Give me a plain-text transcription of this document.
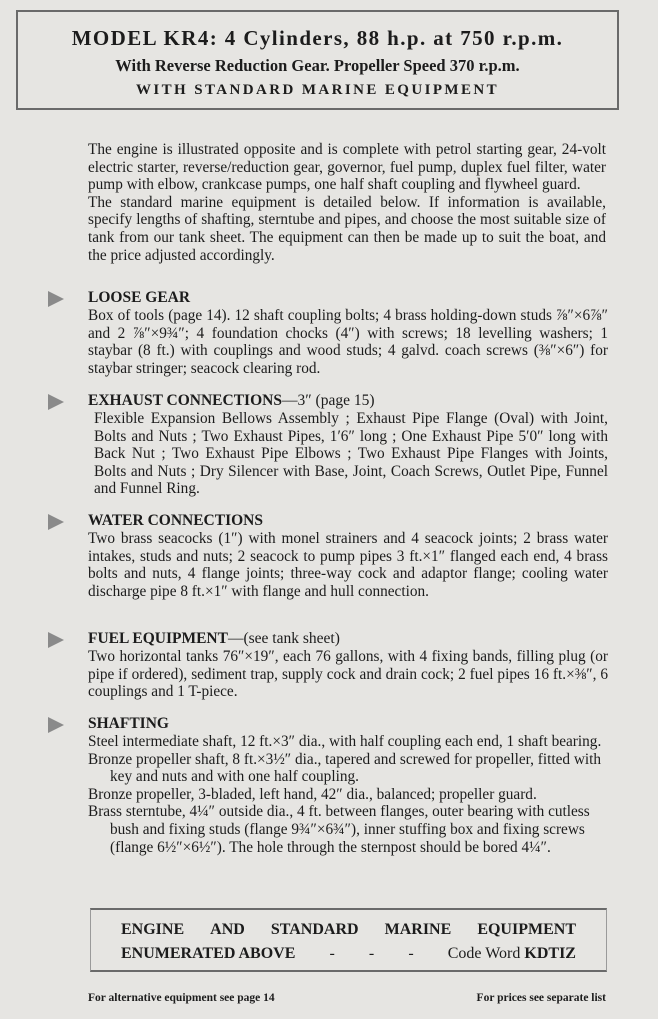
MODEL KR4: 4 Cylinders, 88 h.p. at 750 r.p.m.
With Reverse Reduction Gear. Propeller Speed 370 r.p.m.
WITH STANDARD MARINE EQUIPMENT

The engine is illustrated opposite and is complete with petrol starting gear, 24-volt electric starter, reverse/reduction gear, governor, fuel pump, duplex fuel filter, water pump with elbow, crankcase pumps, one half shaft coupling and flywheel guard.

The standard marine equipment is detailed below. If information is available, specify lengths of shafting, sterntube and pipes, and choose the most suitable size of tank from our tank sheet. The equipment can then be made up to suit the boat, and the price adjusted accordingly.

LOOSE GEAR
Box of tools (page 14). 12 shaft coupling bolts; 4 brass holding-down studs ⅞″×6⅞″ and 2 ⅞″×9¾″; 4 foundation chocks (4″) with screws; 18 levelling washers; 1 staybar (8 ft.) with couplings and wood studs; 4 galvd. coach screws (⅜″×6″) for staybar stringer; seacock clearing rod.
EXHAUST CONNECTIONS—3″ (page 15)
Flexible Expansion Bellows Assembly ; Exhaust Pipe Flange (Oval) with Joint, Bolts and Nuts ; Two Exhaust Pipes, 1′6″ long ; One Exhaust Pipe 5′0″ long with Back Nut ; Two Exhaust Pipe Elbows ; Two Exhaust Pipe Flanges with Joints, Bolts and Nuts ; Dry Silencer with Base, Joint, Coach Screws, Outlet Pipe, Funnel and Funnel Ring.
WATER CONNECTIONS
Two brass seacocks (1″) with monel strainers and 4 seacock joints; 2 brass water intakes, studs and nuts; 2 seacock to pump pipes 3 ft.×1″ flanged each end, 4 brass bolts and nuts, 4 flange joints; three-way cock and adaptor flange; cooling water discharge pipe 8 ft.×1″ with flange and hull connection.
FUEL EQUIPMENT—(see tank sheet)
Two horizontal tanks 76″×19″, each 76 gallons, with 4 fixing bands, filling plug (or pipe if ordered), sediment trap, supply cock and drain cock; 2 fuel pipes 16 ft.×⅜″, 6 couplings and 1 T-piece.
SHAFTING

Steel intermediate shaft, 12 ft.×3″ dia., with half coupling each end, 1 shaft bearing.

Bronze propeller shaft, 8 ft.×3½″ dia., tapered and screwed for propeller, fitted with key and nuts and with one half coupling.

Bronze propeller, 3-bladed, left hand, 42″ dia., balanced; propeller guard.

Brass sterntube, 4¼″ outside dia., 4 ft. between flanges, outer bearing with cutless bush and fixing studs (flange 9¾″×6¾″), inner stuffing box and fixing screws (flange 6½″×6½″). The hole through the sternpost should be bored 4¼″.

ENGINE AND STANDARD MARINE EQUIPMENT
ENUMERATED ABOVE - - - Code Word KDTIZ
For alternative equipment see page 14	For prices see separate list
